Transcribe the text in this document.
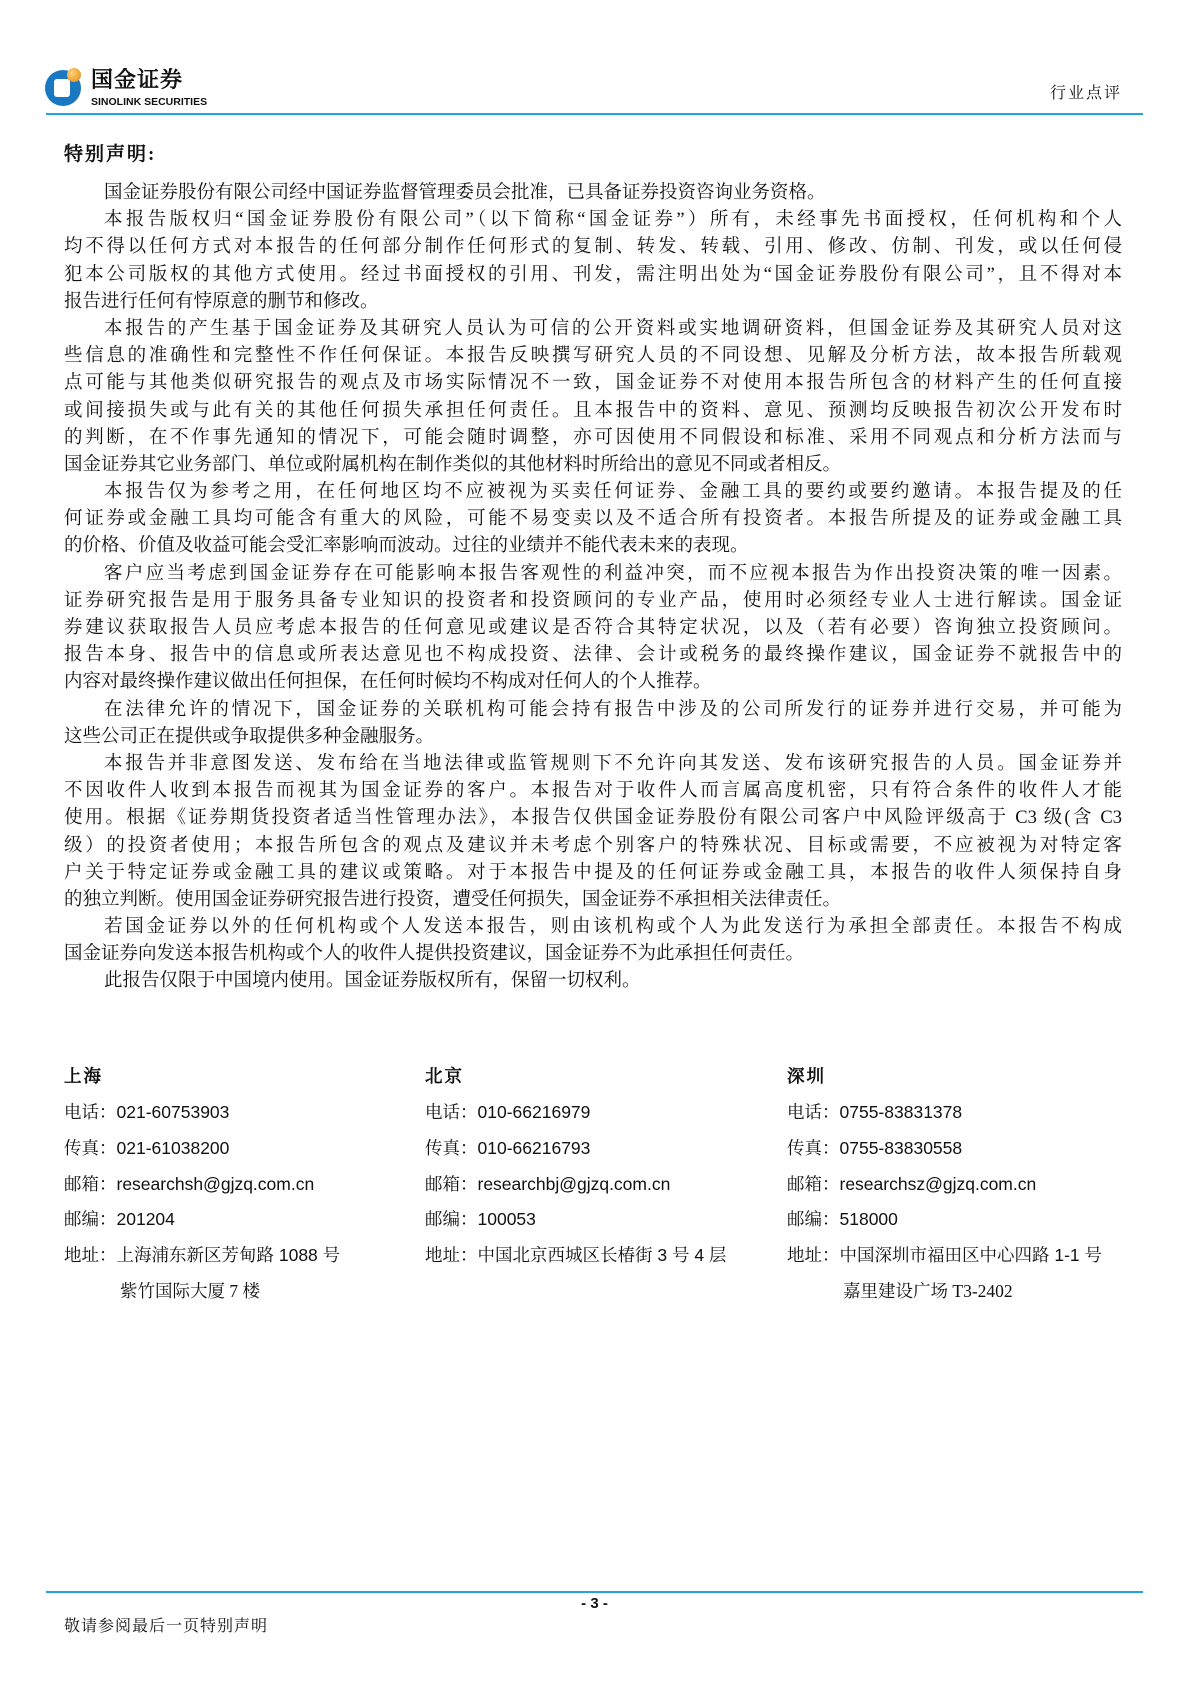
国金证券
SINOLINK SECURITIES	行业点评
特别声明:
国金证券股份有限公司经中国证券监督管理委员会批准，已具备证券投资咨询业务资格。
本报告版权归“国金证券股份有限公司”（以下简称“国金证券”）所有，未经事先书面授权，任何机构和个人
均不得以任何方式对本报告的任何部分制作任何形式的复制、转发、转载、引用、修改、仿制、刊发，或以任何侵
犯本公司版权的其他方式使用。经过书面授权的引用、刊发，需注明出处为“国金证券股份有限公司”，且不得对本
报告进行任何有悖原意的删节和修改。
本报告的产生基于国金证券及其研究人员认为可信的公开资料或实地调研资料，但国金证券及其研究人员对这
些信息的准确性和完整性不作任何保证。本报告反映撰写研究人员的不同设想、见解及分析方法，故本报告所载观
点可能与其他类似研究报告的观点及市场实际情况不一致，国金证券不对使用本报告所包含的材料产生的任何直接
或间接损失或与此有关的其他任何损失承担任何责任。且本报告中的资料、意见、预测均反映报告初次公开发布时
的判断，在不作事先通知的情况下，可能会随时调整，亦可因使用不同假设和标准、采用不同观点和分析方法而与
国金证券其它业务部门、单位或附属机构在制作类似的其他材料时所给出的意见不同或者相反。
本报告仅为参考之用，在任何地区均不应被视为买卖任何证券、金融工具的要约或要约邀请。本报告提及的任
何证券或金融工具均可能含有重大的风险，可能不易变卖以及不适合所有投资者。本报告所提及的证券或金融工具
的价格、价值及收益可能会受汇率影响而波动。过往的业绩并不能代表未来的表现。
客户应当考虑到国金证券存在可能影响本报告客观性的利益冲突，而不应视本报告为作出投资决策的唯一因素。
证券研究报告是用于服务具备专业知识的投资者和投资顾问的专业产品，使用时必须经专业人士进行解读。国金证
券建议获取报告人员应考虑本报告的任何意见或建议是否符合其特定状况，以及（若有必要）咨询独立投资顾问。
报告本身、报告中的信息或所表达意见也不构成投资、法律、会计或税务的最终操作建议，国金证券不就报告中的
内容对最终操作建议做出任何担保，在任何时候均不构成对任何人的个人推荐。
在法律允许的情况下，国金证券的关联机构可能会持有报告中涉及的公司所发行的证券并进行交易，并可能为
这些公司正在提供或争取提供多种金融服务。
本报告并非意图发送、发布给在当地法律或监管规则下不允许向其发送、发布该研究报告的人员。国金证券并
不因收件人收到本报告而视其为国金证券的客户。本报告对于收件人而言属高度机密，只有符合条件的收件人才能
使用。根据《证券期货投资者适当性管理办法》，本报告仅供国金证券股份有限公司客户中风险评级高于 C3 级(含 C3
级）的投资者使用；本报告所包含的观点及建议并未考虑个别客户的特殊状况、目标或需要，不应被视为对特定客
户关于特定证券或金融工具的建议或策略。对于本报告中提及的任何证券或金融工具，本报告的收件人须保持自身
的独立判断。使用国金证券研究报告进行投资，遭受任何损失，国金证券不承担相关法律责任。
若国金证券以外的任何机构或个人发送本报告，则由该机构或个人为此发送行为承担全部责任。本报告不构成
国金证券向发送本报告机构或个人的收件人提供投资建议，国金证券不为此承担任何责任。
此报告仅限于中国境内使用。国金证券版权所有，保留一切权利。
上海
电话：021-60753903
传真：021-61038200
邮箱：researchsh@gjzq.com.cn
邮编：201204
地址：上海浦东新区芳甸路 1088 号
紫竹国际大厦 7 楼
北京
电话：010-66216979
传真：010-66216793
邮箱：researchbj@gjzq.com.cn
邮编：100053
地址：中国北京西城区长椿街 3 号 4 层
深圳
电话：0755-83831378
传真：0755-83830558
邮箱：researchsz@gjzq.com.cn
邮编：518000
地址：中国深圳市福田区中心四路 1-1 号
嘉里建设广场 T3-2402
- 3 -
敬请参阅最后一页特别声明
